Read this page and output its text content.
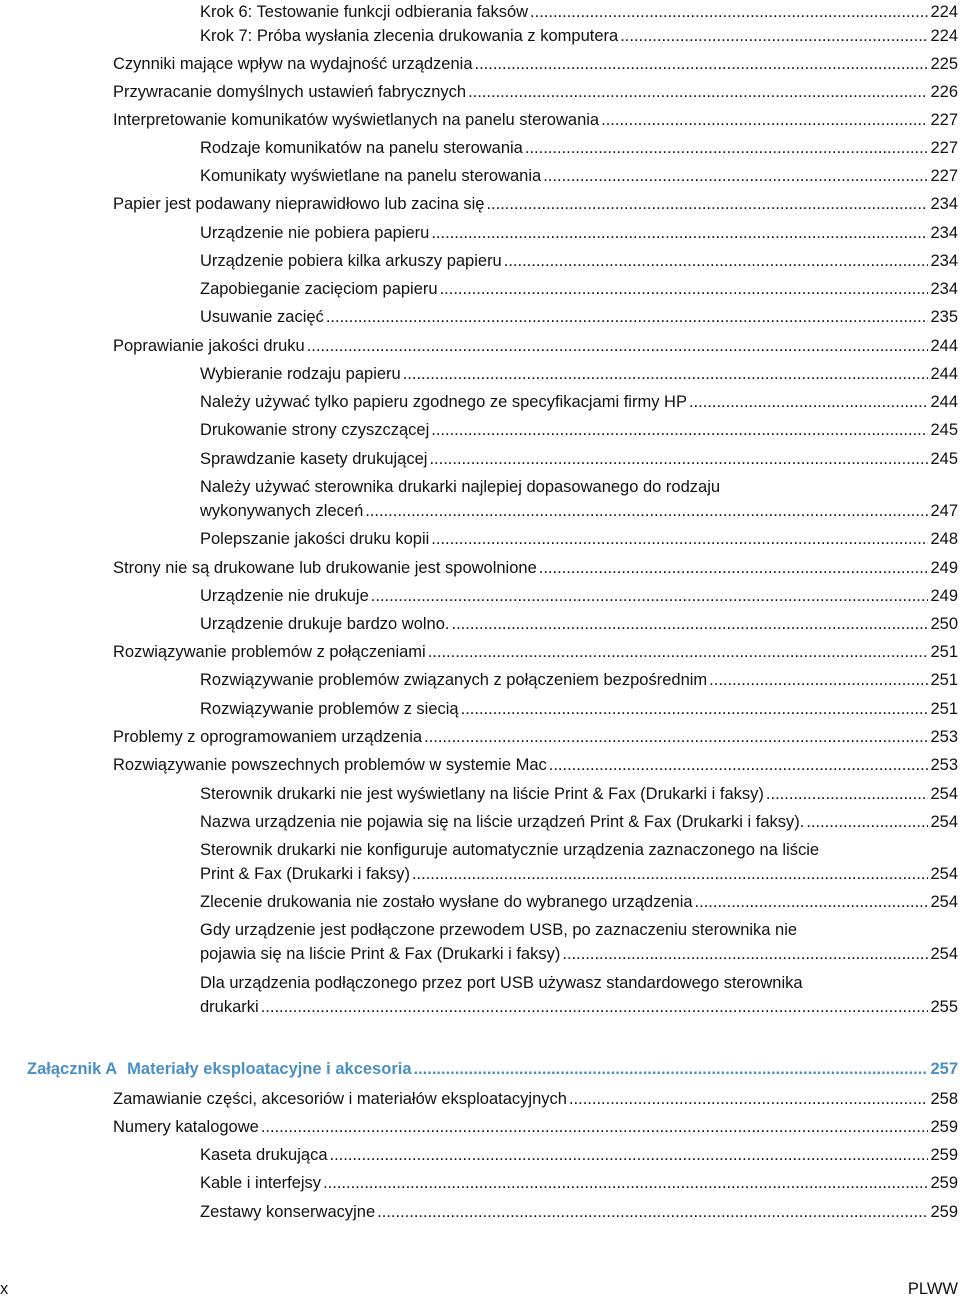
Krok 6: Testowanie funkcji odbierania faksów .....	224
Krok 7: Próba wysłania zlecenia drukowania z komputera .....	224
Czynniki mające wpływ na wydajność urządzenia .....	225
Przywracanie domyślnych ustawień fabrycznych .....	226
Interpretowanie komunikatów wyświetlanych na panelu sterowania .....	227
Rodzaje komunikatów na panelu sterowania .....	227
Komunikaty wyświetlane na panelu sterowania .....	227
Papier jest podawany nieprawidłowo lub zacina się .....	234
Urządzenie nie pobiera papieru .....	234
Urządzenie pobiera kilka arkuszy papieru .....	234
Zapobieganie zacięciom papieru .....	234
Usuwanie zacięć .....	235
Poprawianie jakości druku .....	244
Wybieranie rodzaju papieru .....	244
Należy używać tylko papieru zgodnego ze specyfikacjami firmy HP .....	244
Drukowanie strony czyszczącej .....	245
Sprawdzanie kasety drukującej .....	245
Należy używać sterownika drukarki najlepiej dopasowanego do rodzaju
wykonywanych zleceń .....	247
Polepszanie jakości druku kopii .....	248
Strony nie są drukowane lub drukowanie jest spowolnione .....	249
Urządzenie nie drukuje .....	249
Urządzenie drukuje bardzo wolno. .....	250
Rozwiązywanie problemów z połączeniami .....	251
Rozwiązywanie problemów związanych z połączeniem bezpośrednim .....	251
Rozwiązywanie problemów z siecią .....	251
Problemy z oprogramowaniem urządzenia .....	253
Rozwiązywanie powszechnych problemów w systemie Mac .....	253
Sterownik drukarki nie jest wyświetlany na liście Print & Fax (Drukarki i faksy) .....	254
Nazwa urządzenia nie pojawia się na liście urządzeń Print & Fax (Drukarki i faksy). .....	254
Sterownik drukarki nie konfiguruje automatycznie urządzenia zaznaczonego na liście
Print & Fax (Drukarki i faksy) .....	254
Zlecenie drukowania nie zostało wysłane do wybranego urządzenia .....	254
Gdy urządzenie jest podłączone przewodem USB, po zaznaczeniu sterownika nie
pojawia się na liście Print & Fax (Drukarki i faksy) .....	254
Dla urządzenia podłączonego przez port USB używasz standardowego sterownika
drukarki .....	255
Załącznik A Materiały eksploatacyjne i akcesoria .....	257
Zamawianie części, akcesoriów i materiałów eksploatacyjnych .....	258
Numery katalogowe .....	259
Kaseta drukująca .....	259
Kable i interfejsy .....	259
Zestawy konserwacyjne .....	259
x	PLWW
